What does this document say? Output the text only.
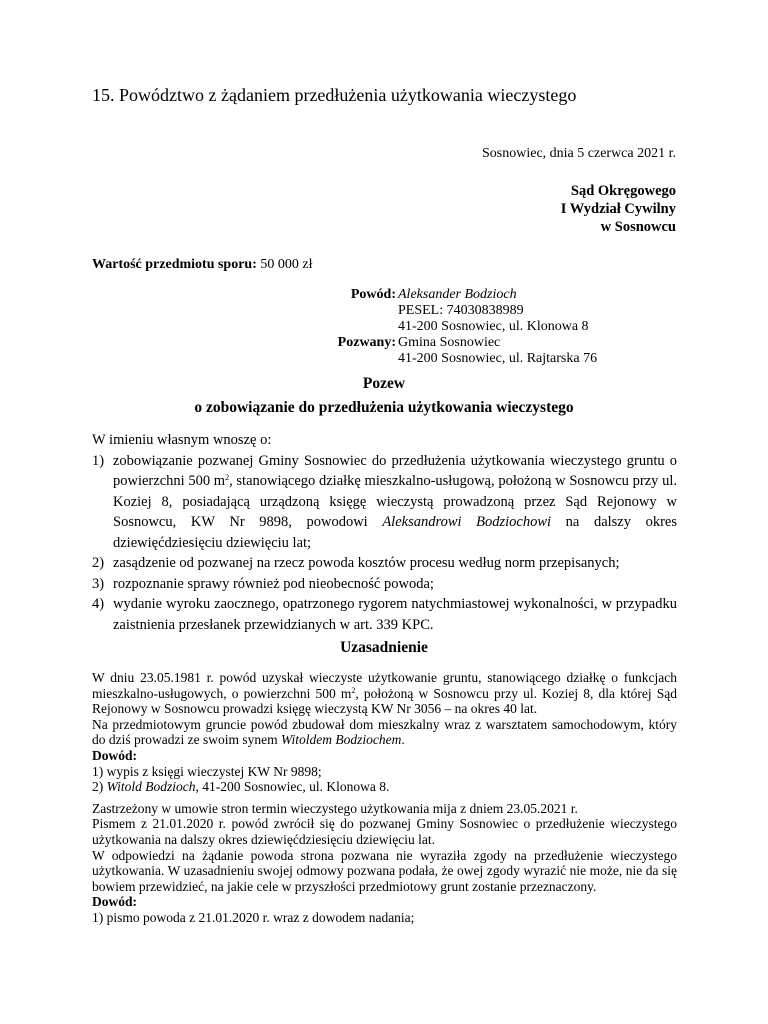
15. Powództwo z żądaniem przedłużenia użytkowania wieczystego
Sosnowiec, dnia 5 czerwca 2021 r.
Sąd Okręgowego
I Wydział Cywilny
w Sosnowcu
Wartość przedmiotu sporu: 50 000 zł
Powód: Aleksander Bodzioch
PESEL: 74030838989
41-200 Sosnowiec, ul. Klonowa 8
Pozwany: Gmina Sosnowiec
41-200 Sosnowiec, ul. Rajtarska 76
Pozew
o zobowiązanie do przedłużenia użytkowania wieczystego

W imieniu własnym wnoszę o:

1) zobowiązanie pozwanej Gminy Sosnowiec do przedłużenia użytkowania wieczystego gruntu o powierzchni 500 $m^2$, stanowiącego działkę mieszkalno-usługową, położoną w Sosnowcu przy ul. Koziej 8, posiadającą urządzoną księgę wieczystą prowadzoną przez Sąd Rejonowy w Sosnowcu, KW Nr 9898, powodowi Aleksandrowi Bodziochowi na dalszy okres dziewięćdziesięciu dziewięciu lat;
2) zasądzenie od pozwanej na rzecz powoda kosztów procesu według norm przepisanych;
3) rozpoznanie sprawy również pod nieobecność powoda;
4) wydanie wyroku zaocznego, opatrzonego rygorem natychmiastowej wykonalności, w przypadku zaistnienia przesłanek przewidzianych w art. 339 KPC.
Uzasadnienie

W dniu 23.05.1981 r. powód uzyskał wieczyste użytkowanie gruntu, stanowiącego działkę o funkcjach mieszkalno-usługowych, o powierzchni 500 $m^2$, położoną w Sosnowcu przy ul. Koziej 8, dla której Sąd Rejonowy w Sosnowcu prowadzi księgę wieczystą KW Nr 3056 – na okres 40 lat.

Na przedmiotowym gruncie powód zbudował dom mieszkalny wraz z warsztatem samochodowym, który do dziś prowadzi ze swoim synem Witoldem Bodziochem.

Dowód:

1) wypis z księgi wieczystej KW Nr 9898;

2) Witold Bodzioch, 41-200 Sosnowiec, ul. Klonowa 8.

Zastrzeżony w umowie stron termin wieczystego użytkowania mija z dniem 23.05.2021 r.

Pismem z 21.01.2020 r. powód zwrócił się do pozwanej Gminy Sosnowiec o przedłużenie wieczystego użytkowania na dalszy okres dziewięćdziesięciu dziewięciu lat.

W odpowiedzi na żądanie powoda strona pozwana nie wyraziła zgody na przedłużenie wieczystego użytkowania. W uzasadnieniu swojej odmowy pozwana podała, że owej zgody wyrazić nie może, nie da się bowiem przewidzieć, na jakie cele w przyszłości przedmiotowy grunt zostanie przeznaczony.

Dowód:

1) pismo powoda z 21.01.2020 r. wraz z dowodem nadania;
